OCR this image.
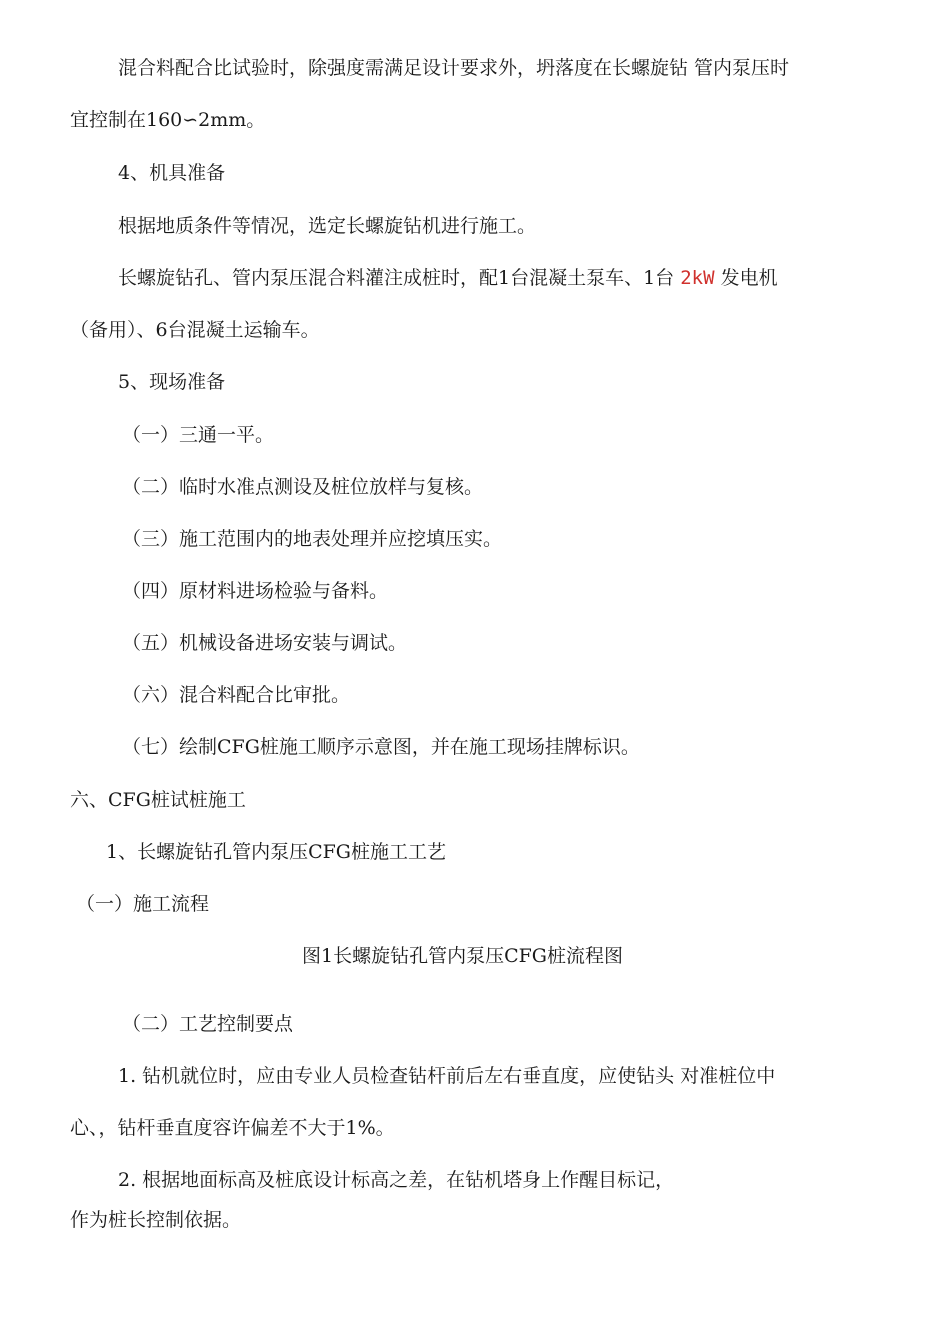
混合料配合比试验时，除强度需满足设计要求外，坍落度在长螺旋钻 管内泵压时
宜控制在160∽2mm。
4、机具准备
根据地质条件等情况，选定长螺旋钻机进行施工。
长螺旋钻孔、管内泵压混合料灌注成桩时，配1台混凝土泵车、1台 2kW 发电机
（备用）、6台混凝土运输车。
5、现场准备
（一）三通一平。
（二）临时水准点测设及桩位放样与复核。
（三）施工范围内的地表处理并应挖填压实。
（四）原材料进场检验与备料。
（五）机械设备进场安装与调试。
（六）混合料配合比审批。
（七）绘制CFG桩施工顺序示意图，并在施工现场挂牌标识。
六、CFG桩试桩施工
1、长螺旋钻孔管内泵压CFG桩施工工艺
（一）施工流程
图1长螺旋钻孔管内泵压CFG桩流程图
（二）工艺控制要点
1. 钻机就位时，应由专业人员检查钻杆前后左右垂直度，应使钻头 对准桩位中
心、，钻杆垂直度容许偏差不大于1%。
2. 根据地面标高及桩底设计标高之差，在钻机塔身上作醒目标记，
作为桩长控制依据。
